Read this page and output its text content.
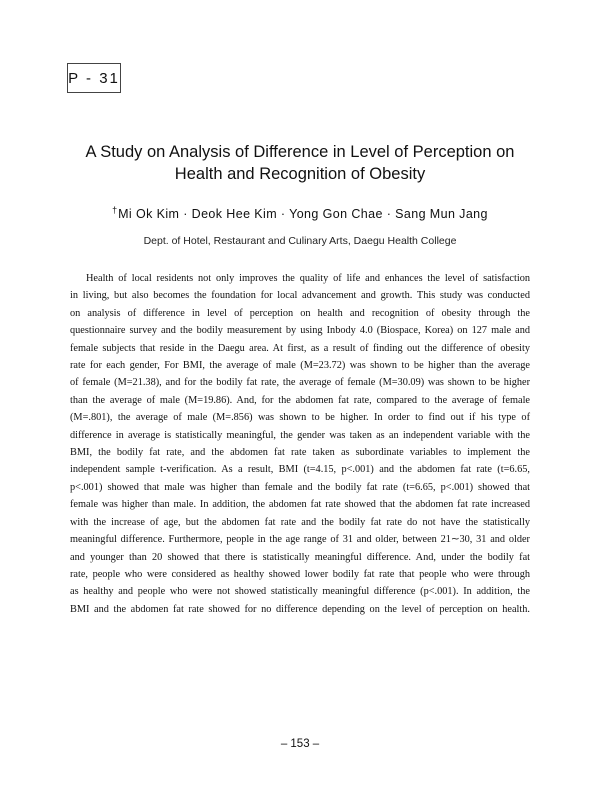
P - 31
A Study on Analysis of Difference in Level of Perception on
Health and Recognition of Obesity
†Mi Ok Kim · Deok Hee Kim · Yong Gon Chae · Sang Mun Jang
Dept. of Hotel, Restaurant and Culinary Arts, Daegu Health College
Health of local residents not only improves the quality of life and enhances the level of satisfaction
in living, but also becomes the foundation for local advancement and growth. This study was conducted
on analysis of difference in level of perception on health and recognition of obesity through the
questionnaire survey and the bodily measurement by using Inbody 4.0 (Biospace, Korea) on 127 male and
female subjects that reside in the Daegu area. At first, as a result of finding out the difference of obesity
rate for each gender, For BMI, the average of male (M=23.72) was shown to be higher than the average
of female (M=21.38), and for the bodily fat rate, the average of female (M=30.09) was shown to be higher
than the average of male (M=19.86). And, for the abdomen fat rate, compared to the average of female
(M=.801), the average of male (M=.856) was shown to be higher. In order to find out if his type of
difference in average is statistically meaningful, the gender was taken as an independent variable with the
BMI, the bodily fat rate, and the abdomen fat rate taken as subordinate variables to implement the
independent sample t-verification. As a result, BMI (t=4.15, p<.001) and the abdomen fat rate (t=6.65,
p<.001) showed that male was higher than female and the bodily fat rate (t=6.65, p<.001) showed that
female was higher than male. In addition, the abdomen fat rate showed that the abdomen fat rate increased
with the increase of age, but the abdomen fat rate and the bodily fat rate do not have the statistically
meaningful difference. Furthermore, people in the age range of 31 and older, between 21∼30, 31 and older
and younger than 20 showed that there is statistically meaningful difference. And, under the bodily fat
rate, people who were considered as healthy showed lower bodily fat rate that people who were through
as healthy and people who were not showed statistically meaningful difference (p<.001). In addition, the
BMI and the abdomen fat rate showed for no difference depending on the level of perception on health.
– 153 –
